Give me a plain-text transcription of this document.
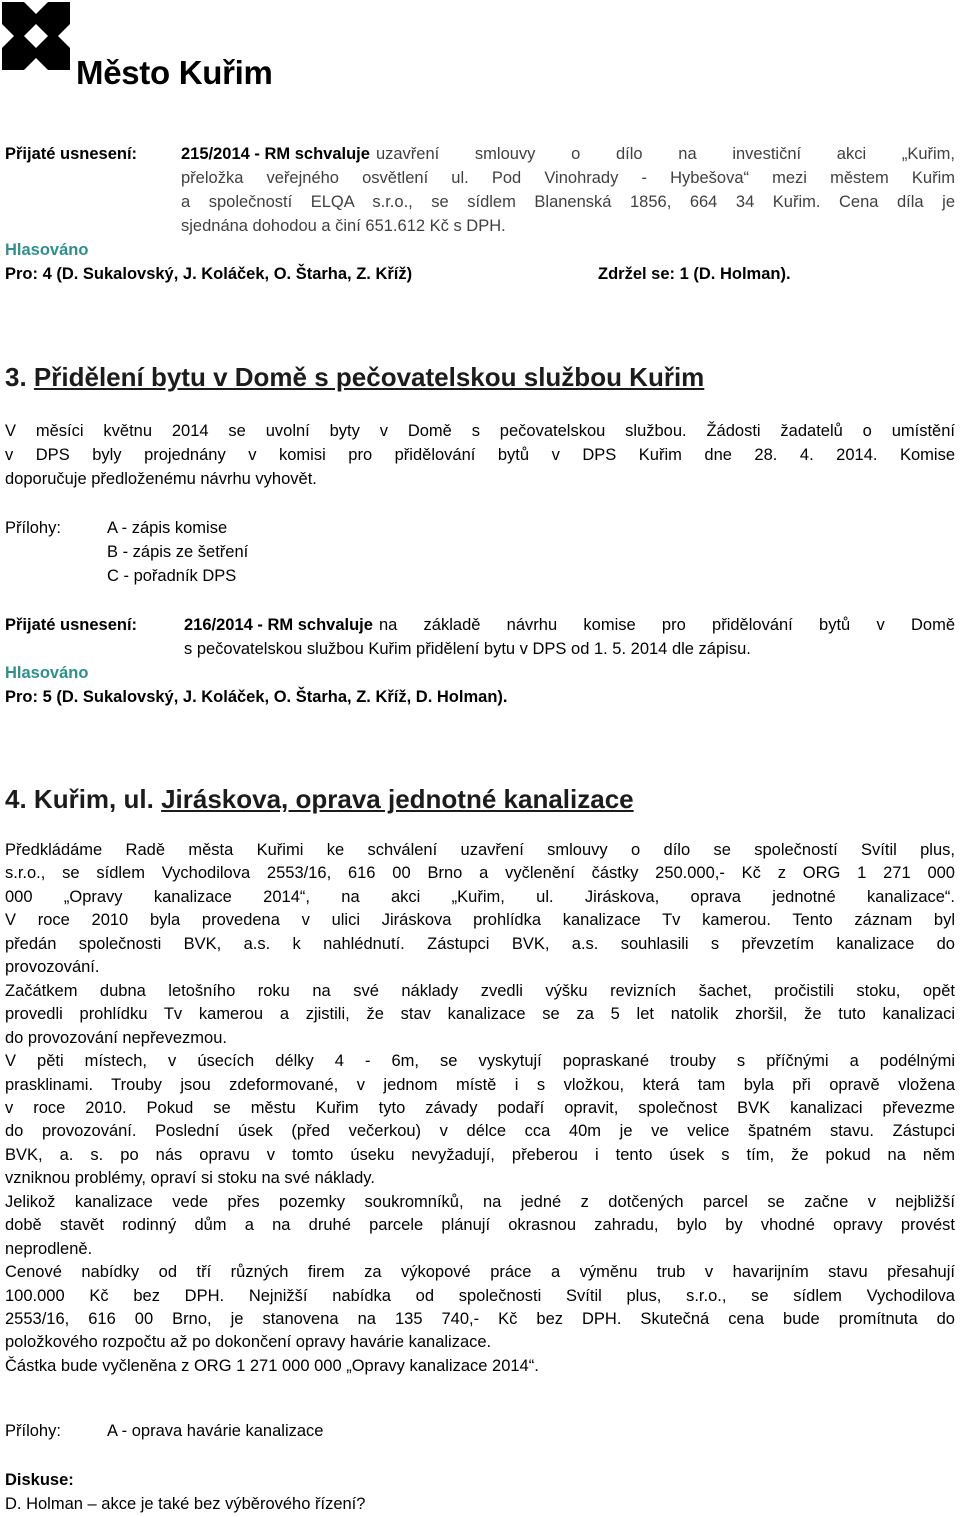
Město Kuřim
Přijaté usnesení:	215/2014 - RM schvaluje uzavření smlouvy o dílo na investiční akci „Kuřim,
přeložka veřejného osvětlení ul. Pod Vinohrady - Hybešova“ mezi městem Kuřim
a společností ELQA s.r.o., se sídlem Blanenská 1856, 664 34 Kuřim. Cena díla je
sjednána dohodou a činí 651.612 Kč s DPH.
Hlasováno
Pro: 4 (D. Sukalovský, J. Koláček, O. Štarha, Z. Kříž)	Zdržel se: 1 (D. Holman).
3. Přidělení bytu v Domě s pečovatelskou službou Kuřim
V měsíci květnu 2014 se uvolní byty v Domě s pečovatelskou službou. Žádosti žadatelů o umístění
v DPS byly projednány v komisi pro přidělování bytů v DPS Kuřim dne 28. 4. 2014. Komise
doporučuje předloženému návrhu vyhovět.
Přílohy:	A - zápis komise
B - zápis ze šetření
C - pořadník DPS
Přijaté usnesení:	216/2014 - RM schvaluje na základě návrhu komise pro přidělování bytů v Domě
s pečovatelskou službou Kuřim přidělení bytu v DPS od 1. 5. 2014 dle zápisu.
Hlasováno
Pro: 5 (D. Sukalovský, J. Koláček, O. Štarha, Z. Kříž, D. Holman).
4. Kuřim, ul. Jiráskova, oprava jednotné kanalizace
Předkládáme Radě města Kuřimi ke schválení uzavření smlouvy o dílo se společností Svítil plus,
s.r.o., se sídlem Vychodilova 2553/16, 616 00 Brno a vyčlenění částky 250.000,- Kč z ORG 1 271 000
000 „Opravy kanalizace 2014“, na akci „Kuřim, ul. Jiráskova, oprava jednotné kanalizace“.
V roce 2010 byla provedena v ulici Jiráskova prohlídka kanalizace Tv kamerou. Tento záznam byl
předán společnosti BVK, a.s. k nahlédnutí. Zástupci BVK, a.s. souhlasili s převzetím kanalizace do
provozování.
Začátkem dubna letošního roku na své náklady zvedli výšku revizních šachet, pročistili stoku, opět
provedli prohlídku Tv kamerou a zjistili, že stav kanalizace se za 5 let natolik zhoršil, že tuto kanalizaci
do provozování nepřevezmou.
V pěti místech, v úsecích délky 4 - 6m, se vyskytují popraskané trouby s příčnými a podélnými
prasklinami. Trouby jsou zdeformované, v jednom místě i s vložkou, která tam byla při opravě vložena
v roce 2010. Pokud se městu Kuřim tyto závady podaří opravit, společnost BVK kanalizaci převezme
do provozování. Poslední úsek (před večerkou) v délce cca 40m je ve velice špatném stavu. Zástupci
BVK, a. s. po nás opravu v tomto úseku nevyžadují, přeberou i tento úsek s tím, že pokud na něm
vzniknou problémy, opraví si stoku na své náklady.
Jelikož kanalizace vede přes pozemky soukromníků, na jedné z dotčených parcel se začne v nejbližší
době stavět rodinný dům a na druhé parcele plánují okrasnou zahradu, bylo by vhodné opravy provést
neprodleně.
Cenové nabídky od tří různých firem za výkopové práce a výměnu trub v havarijním stavu přesahují
100.000 Kč bez DPH. Nejnižší nabídka od společnosti Svítil plus, s.r.o., se sídlem Vychodilova
2553/16, 616 00 Brno, je stanovena na 135 740,- Kč bez DPH. Skutečná cena bude promítnuta do
položkového rozpočtu až po dokončení opravy havárie kanalizace.
Částka bude vyčleněna z ORG 1 271 000 000 „Opravy kanalizace 2014“.
Přílohy:	A - oprava havárie kanalizace
Diskuse:
D. Holman – akce je také bez výběrového řízení?
